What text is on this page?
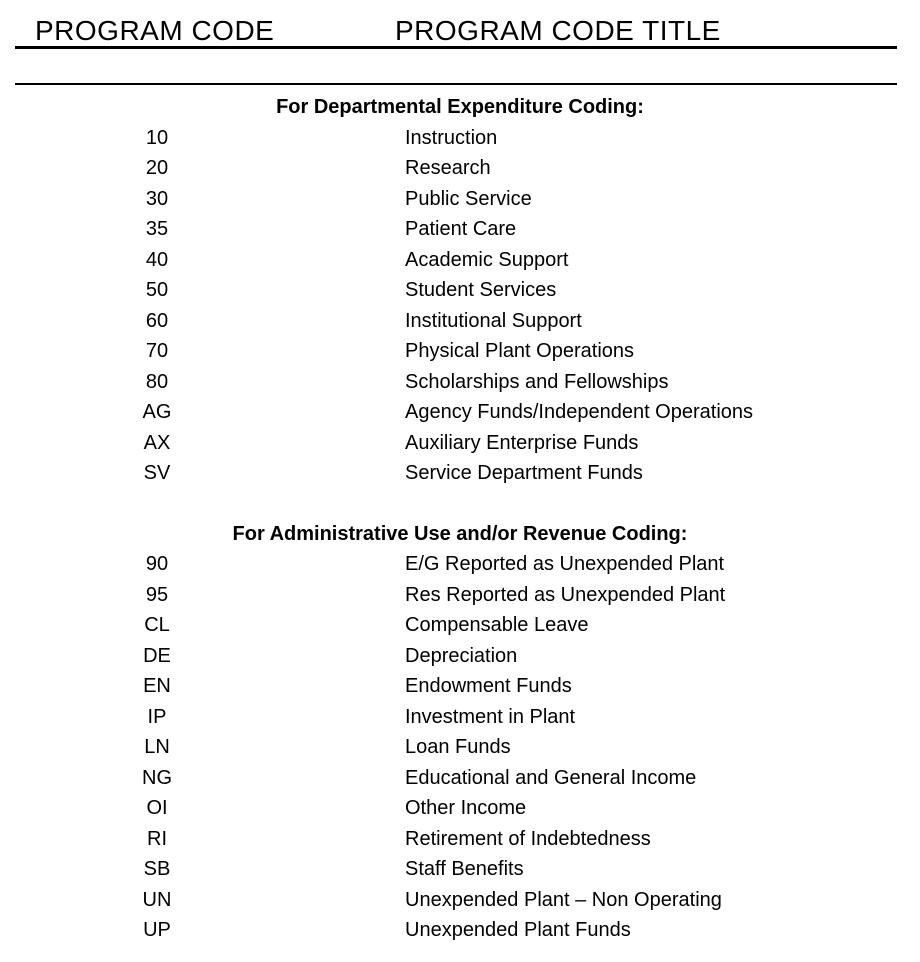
PROGRAM CODE	PROGRAM CODE TITLE
For Departmental Expenditure Coding:
10	Instruction
20	Research
30	Public Service
35	Patient Care
40	Academic Support
50	Student Services
60	Institutional Support
70	Physical Plant Operations
80	Scholarships and Fellowships
AG	Agency Funds/Independent Operations
AX	Auxiliary Enterprise Funds
SV	Service Department Funds
For Administrative Use and/or Revenue Coding:
90	E/G Reported as Unexpended Plant
95	Res Reported as Unexpended Plant
CL	Compensable Leave
DE	Depreciation
EN	Endowment Funds
IP	Investment in Plant
LN	Loan Funds
NG	Educational and General Income
OI	Other Income
RI	Retirement of Indebtedness
SB	Staff Benefits
UN	Unexpended Plant – Non Operating
UP	Unexpended Plant Funds
